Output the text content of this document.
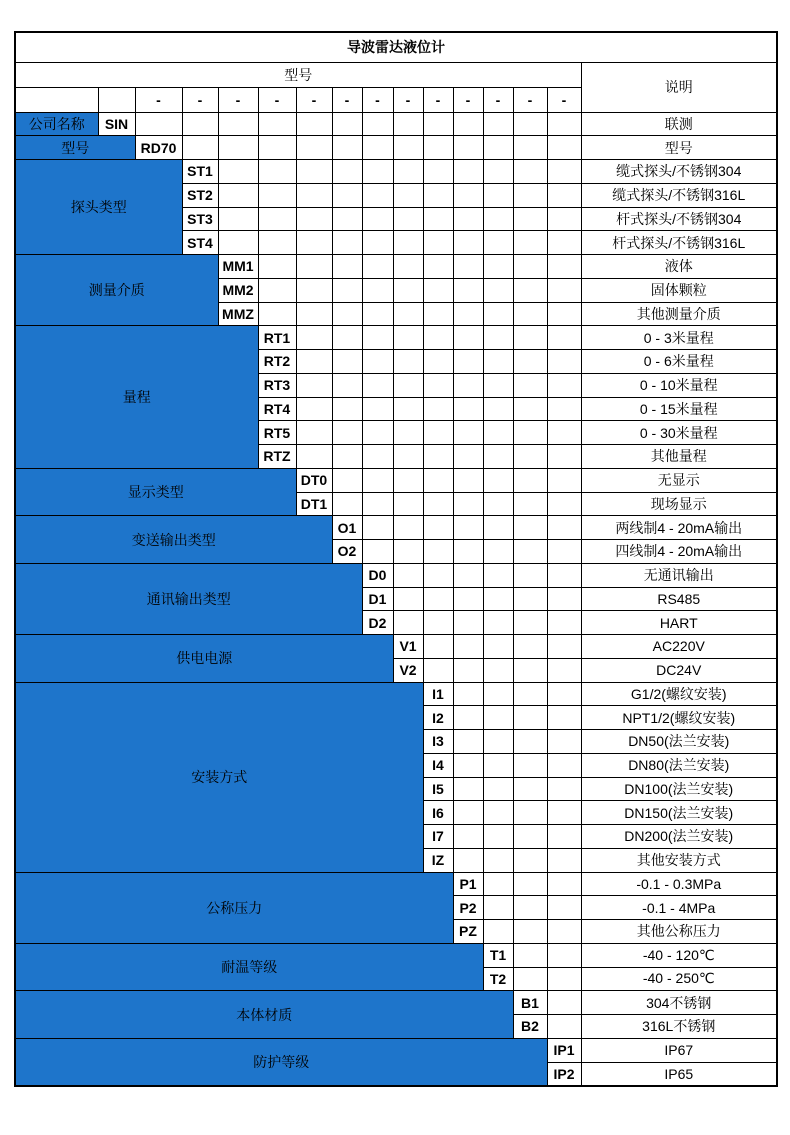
导波雷达液位计															
型号															说明
		-	-	-	-	-	-	-	-	-	-	-	-	-	
公司名称	SIN														联测
型号		RD70													型号
探头类型			ST1												缆式探头/不锈钢304
			ST2												缆式探头/不锈钢316L
			ST3												杆式探头/不锈钢304
			ST4												杆式探头/不锈钢316L
测量介质				MM1											液体
				MM2											固体颗粒
				MMZ											其他测量介质
量程					RT1										0 - 3米量程
					RT2										0 - 6米量程
					RT3										0 - 10米量程
					RT4										0 - 15米量程
					RT5										0 - 30米量程
					RTZ										其他量程
显示类型						DT0									无显示
						DT1									现场显示
变送输出类型							O1								两线制4 - 20mA输出
							O2								四线制4 - 20mA输出
通讯输出类型								D0							无通讯输出
								D1							RS485
								D2							HART
供电电源									V1						AC220V
									V2						DC24V
安装方式										I1					G1/2(螺纹安装)
										I2					NPT1/2(螺纹安装)
										I3					DN50(法兰安装)
										I4					DN80(法兰安装)
										I5					DN100(法兰安装)
										I6					DN150(法兰安装)
										I7					DN200(法兰安装)
										IZ					其他安装方式
公称压力											P1				-0.1 - 0.3MPa
											P2				-0.1 - 4MPa
											PZ				其他公称压力
耐温等级												T1			-40 - 120℃
												T2			-40 - 250℃
本体材质													B1		304不锈钢
													B2		316L不锈钢
防护等级														IP1	IP67
														IP2	IP65
